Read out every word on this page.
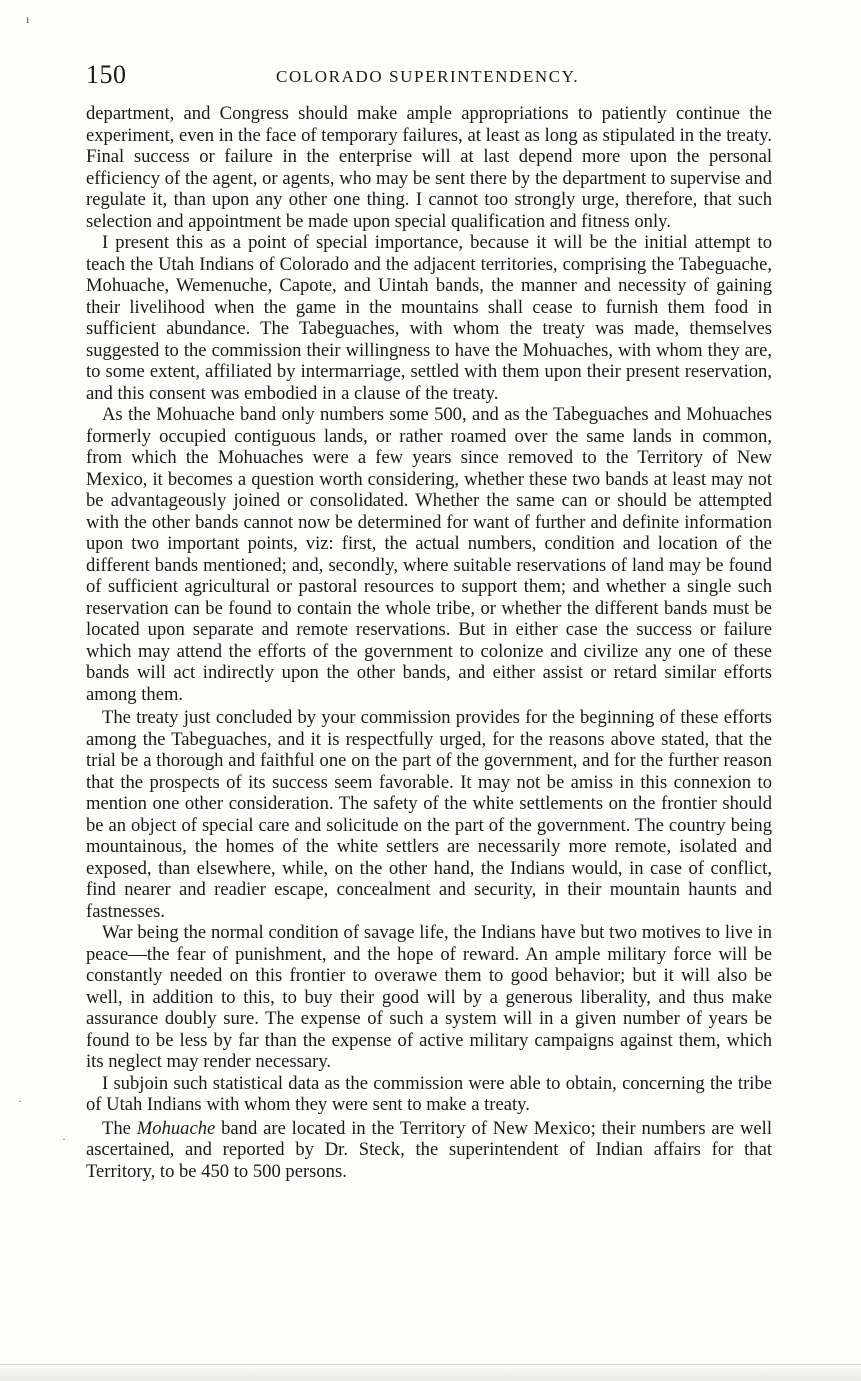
150	COLORADO SUPERINTENDENCY.

department, and Congress should make ample appropriations to patiently continue the experiment, even in the face of temporary failures, at least as long as stipulated in the treaty. Final success or failure in the enterprise will at last depend more upon the personal efficiency of the agent, or agents, who may be sent there by the department to supervise and regulate it, than upon any other one thing. I cannot too strongly urge, therefore, that such selection and appointment be made upon special qualification and fitness only.

I present this as a point of special importance, because it will be the initial attempt to teach the Utah Indians of Colorado and the adjacent territories, comprising the Tabeguache, Mohuache, Wemenuche, Capote, and Uintah bands, the manner and necessity of gaining their livelihood when the game in the mountains shall cease to furnish them food in sufficient abundance. The Tabeguaches, with whom the treaty was made, themselves suggested to the commission their willingness to have the Mohuaches, with whom they are, to some extent, affiliated by intermarriage, settled with them upon their present reservation, and this consent was embodied in a clause of the treaty.

As the Mohuache band only numbers some 500, and as the Tabeguaches and Mohuaches formerly occupied contiguous lands, or rather roamed over the same lands in common, from which the Mohuaches were a few years since removed to the Territory of New Mexico, it becomes a question worth considering, whether these two bands at least may not be advantageously joined or consolidated. Whether the same can or should be attempted with the other bands cannot now be determined for want of further and definite information upon two important points, viz: first, the actual numbers, condition and location of the different bands mentioned; and, secondly, where suitable reservations of land may be found of sufficient agricultural or pastoral resources to support them; and whether a single such reservation can be found to contain the whole tribe, or whether the different bands must be located upon separate and remote reservations. But in either case the success or failure which may attend the efforts of the government to colonize and civilize any one of these bands will act indirectly upon the other bands, and either assist or retard similar efforts among them.

The treaty just concluded by your commission provides for the beginning of these efforts among the Tabeguaches, and it is respectfully urged, for the reasons above stated, that the trial be a thorough and faithful one on the part of the government, and for the further reason that the prospects of its success seem favorable. It may not be amiss in this connexion to mention one other consideration. The safety of the white settlements on the frontier should be an object of special care and solicitude on the part of the government. The country being mountainous, the homes of the white settlers are necessarily more remote, isolated and exposed, than elsewhere, while, on the other hand, the Indians would, in case of conflict, find nearer and readier escape, concealment and security, in their mountain haunts and fastnesses.

War being the normal condition of savage life, the Indians have but two motives to live in peace—the fear of punishment, and the hope of reward. An ample military force will be constantly needed on this frontier to overawe them to good behavior; but it will also be well, in addition to this, to buy their good will by a generous liberality, and thus make assurance doubly sure. The expense of such a system will in a given number of years be found to be less by far than the expense of active military campaigns against them, which its neglect may render necessary.

I subjoin such statistical data as the commission were able to obtain, concerning the tribe of Utah Indians with whom they were sent to make a treaty.

The Mohuache band are located in the Territory of New Mexico; their numbers are well ascertained, and reported by Dr. Steck, the superintendent of Indian affairs for that Territory, to be 450 to 500 persons.

ı
·
·
